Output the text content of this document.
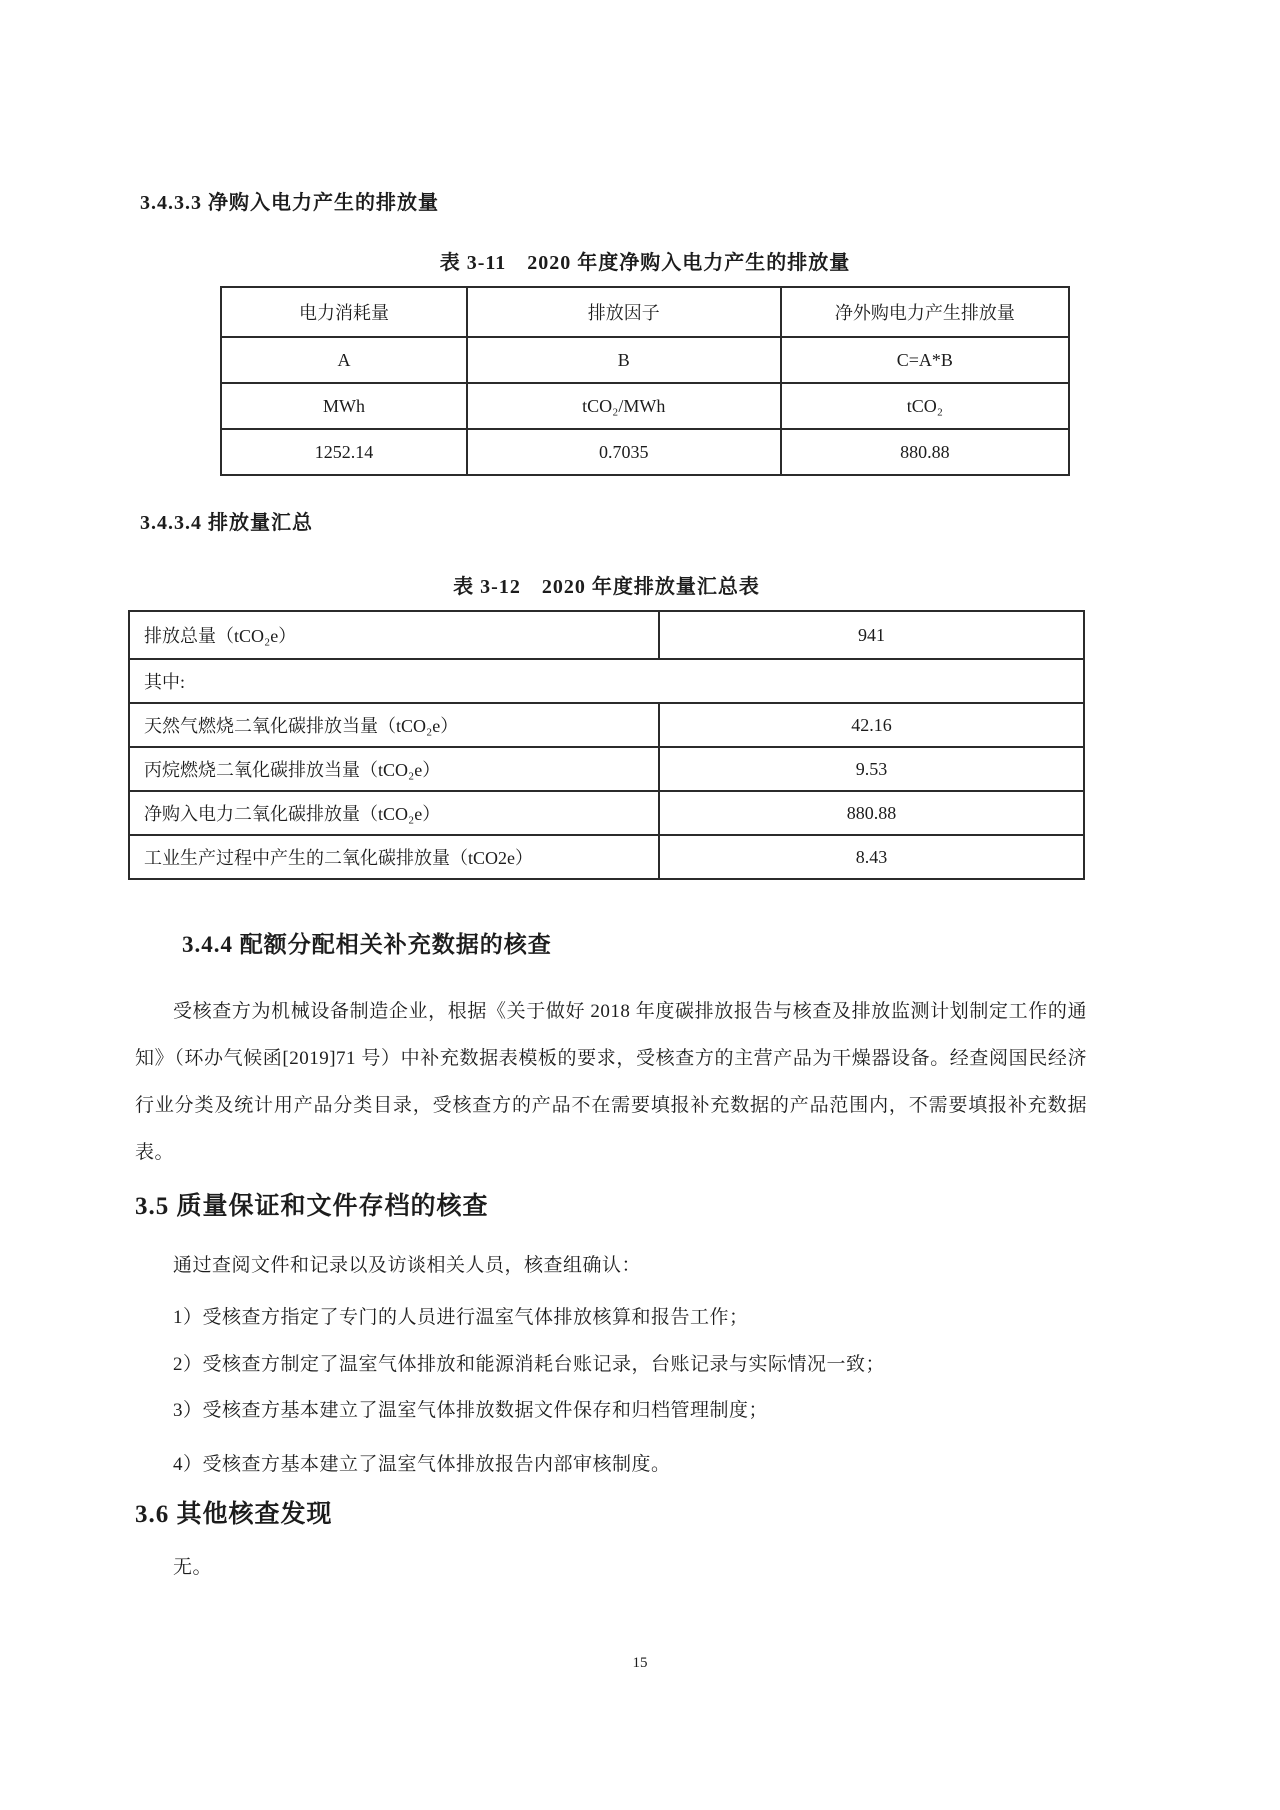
3.4.3.3 净购入电力产生的排放量
表 3-11　2020 年度净购入电力产生的排放量
电力消耗量	排放因子	净外购电力产生排放量
A	B	C=A*B
MWh	tCO₂/MWh	tCO₂
1252.14	0.7035	880.88
3.4.3.4 排放量汇总
表 3-12　2020 年度排放量汇总表
排放总量（tCO₂e）	941
其中:	
天然气燃烧二氧化碳排放当量（tCO₂e）	42.16
丙烷燃烧二氧化碳排放当量（tCO₂e）	9.53
净购入电力二氧化碳排放量（tCO₂e）	880.88
工业生产过程中产生的二氧化碳排放量（tCO2e）	8.43
3.4.4 配额分配相关补充数据的核查
受核查方为机械设备制造企业，根据《关于做好 2018 年度碳排放报告与核查及排放监测计划制定工作的通知》（环办气候函[2019]71 号）中补充数据表模板的要求，受核查方的主营产品为干燥器设备。经查阅国民经济行业分类及统计用产品分类目录，受核查方的产品不在需要填报补充数据的产品范围内，不需要填报补充数据表。
3.5 质量保证和文件存档的核查
通过查阅文件和记录以及访谈相关人员，核查组确认：
1）受核查方指定了专门的人员进行温室气体排放核算和报告工作；
2）受核查方制定了温室气体排放和能源消耗台账记录，台账记录与实际情况一致；
3）受核查方基本建立了温室气体排放数据文件保存和归档管理制度；
4）受核查方基本建立了温室气体排放报告内部审核制度。
3.6 其他核查发现
无。
15
